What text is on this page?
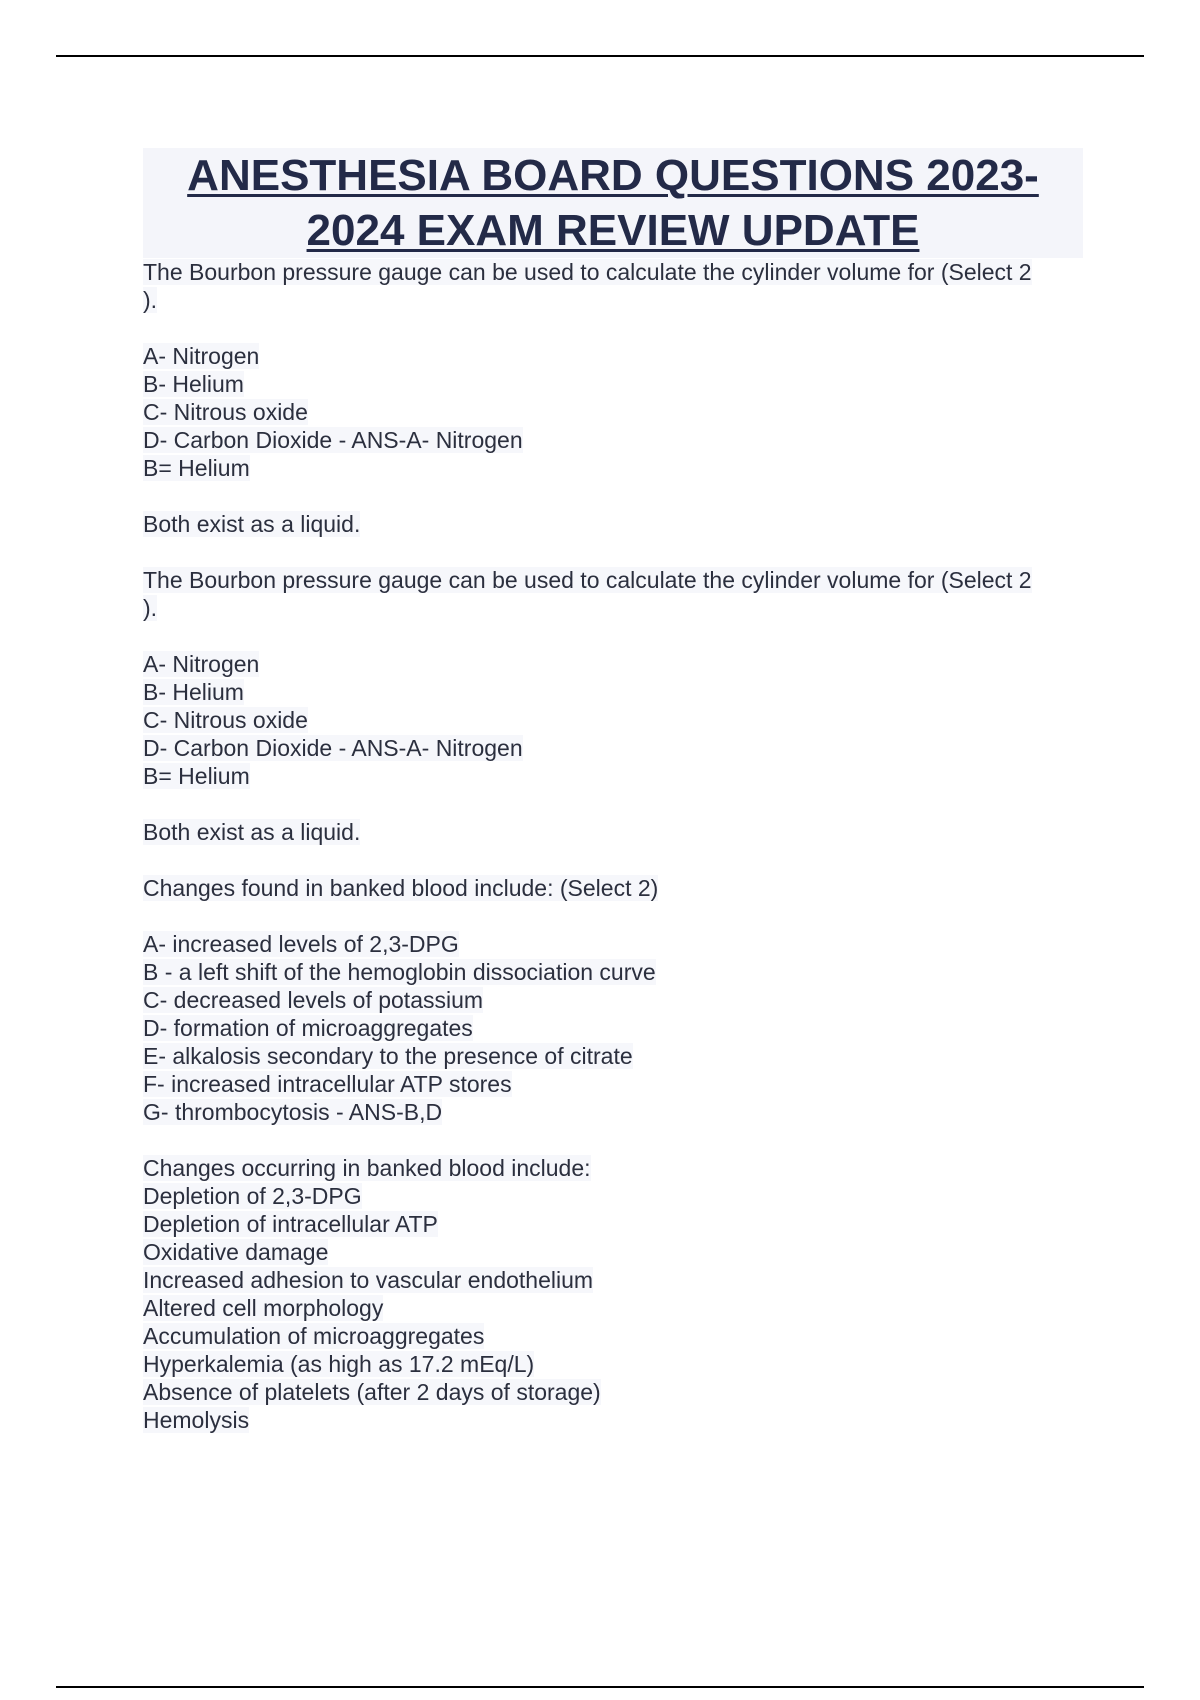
ANESTHESIA BOARD QUESTIONS 2023-
2024 EXAM REVIEW UPDATE
The Bourbon pressure gauge can be used to calculate the cylinder volume for (Select 2
).
A- Nitrogen
B- Helium
C- Nitrous oxide
D- Carbon Dioxide - ANS-A- Nitrogen
B= Helium
Both exist as a liquid.
The Bourbon pressure gauge can be used to calculate the cylinder volume for (Select 2
).
A- Nitrogen
B- Helium
C- Nitrous oxide
D- Carbon Dioxide - ANS-A- Nitrogen
B= Helium
Both exist as a liquid.
Changes found in banked blood include: (Select 2)
A- increased levels of 2,3-DPG
B - a left shift of the hemoglobin dissociation curve
C- decreased levels of potassium
D- formation of microaggregates
E- alkalosis secondary to the presence of citrate
F- increased intracellular ATP stores
G- thrombocytosis - ANS-B,D
Changes occurring in banked blood include:
Depletion of 2,3-DPG
Depletion of intracellular ATP
Oxidative damage
Increased adhesion to vascular endothelium
Altered cell morphology
Accumulation of microaggregates
Hyperkalemia (as high as 17.2 mEq/L)
Absence of platelets (after 2 days of storage)
Hemolysis
